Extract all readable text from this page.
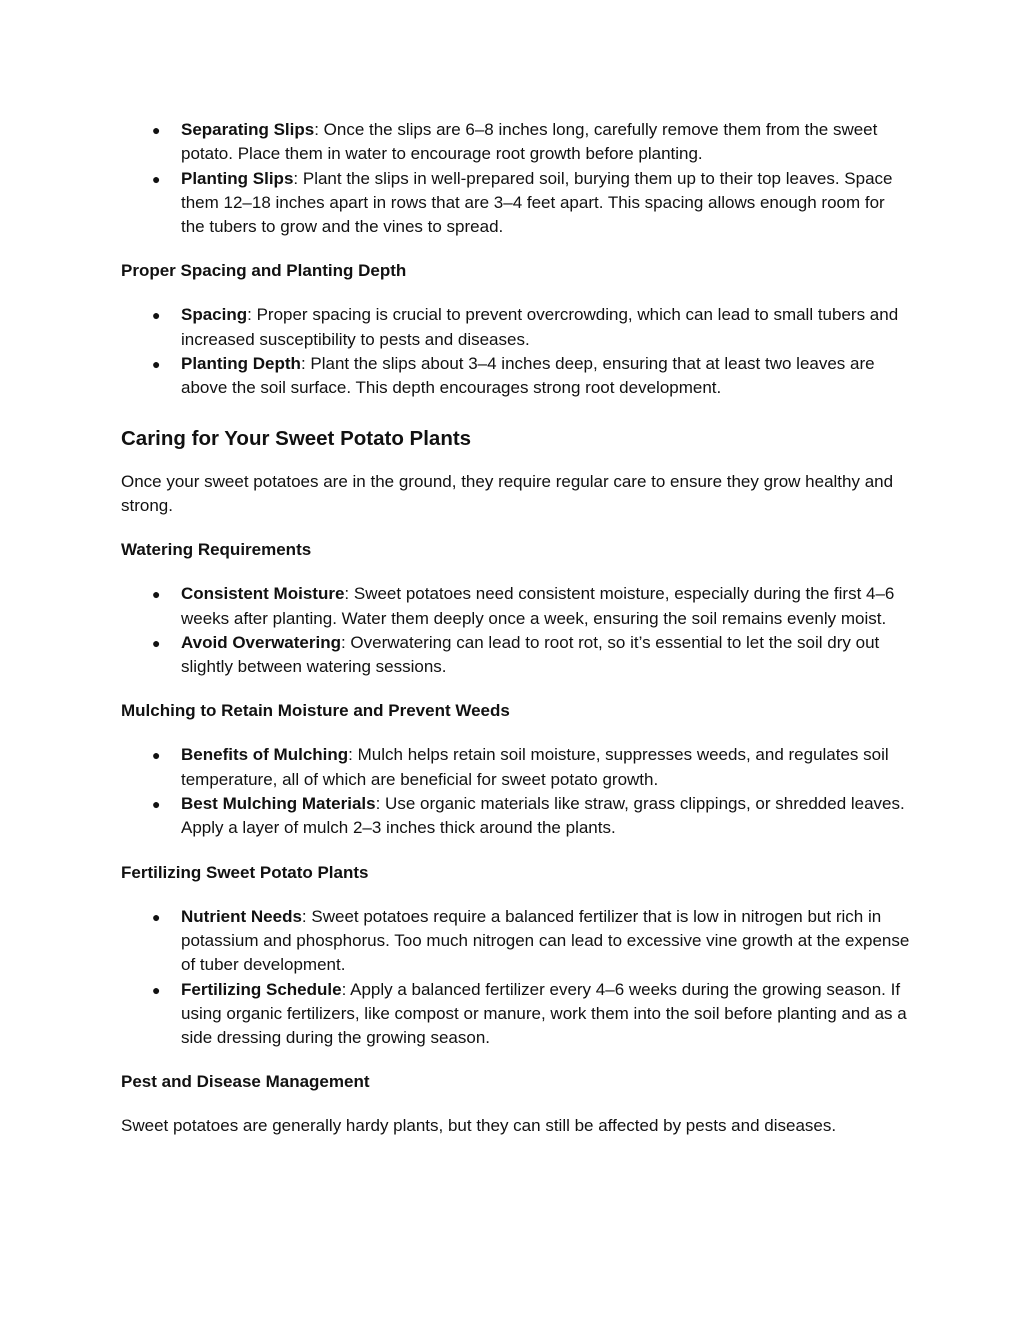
● Separating Slips: Once the slips are 6–8 inches long, carefully remove them from the sweet potato. Place them in water to encourage root growth before planting.
● Planting Slips: Plant the slips in well-prepared soil, burying them up to their top leaves. Space them 12–18 inches apart in rows that are 3–4 feet apart. This spacing allows enough room for the tubers to grow and the vines to spread.
Proper Spacing and Planting Depth
● Spacing: Proper spacing is crucial to prevent overcrowding, which can lead to small tubers and increased susceptibility to pests and diseases.
● Planting Depth: Plant the slips about 3–4 inches deep, ensuring that at least two leaves are above the soil surface. This depth encourages strong root development.
Caring for Your Sweet Potato Plants

Once your sweet potatoes are in the ground, they require regular care to ensure they grow healthy and strong.

Watering Requirements
● Consistent Moisture: Sweet potatoes need consistent moisture, especially during the first 4–6 weeks after planting. Water them deeply once a week, ensuring the soil remains evenly moist.
● Avoid Overwatering: Overwatering can lead to root rot, so it’s essential to let the soil dry out slightly between watering sessions.
Mulching to Retain Moisture and Prevent Weeds
● Benefits of Mulching: Mulch helps retain soil moisture, suppresses weeds, and regulates soil temperature, all of which are beneficial for sweet potato growth.
● Best Mulching Materials: Use organic materials like straw, grass clippings, or shredded leaves. Apply a layer of mulch 2–3 inches thick around the plants.
Fertilizing Sweet Potato Plants
● Nutrient Needs: Sweet potatoes require a balanced fertilizer that is low in nitrogen but rich in potassium and phosphorus. Too much nitrogen can lead to excessive vine growth at the expense of tuber development.
● Fertilizing Schedule: Apply a balanced fertilizer every 4–6 weeks during the growing season. If using organic fertilizers, like compost or manure, work them into the soil before planting and as a side dressing during the growing season.
Pest and Disease Management

Sweet potatoes are generally hardy plants, but they can still be affected by pests and diseases.
